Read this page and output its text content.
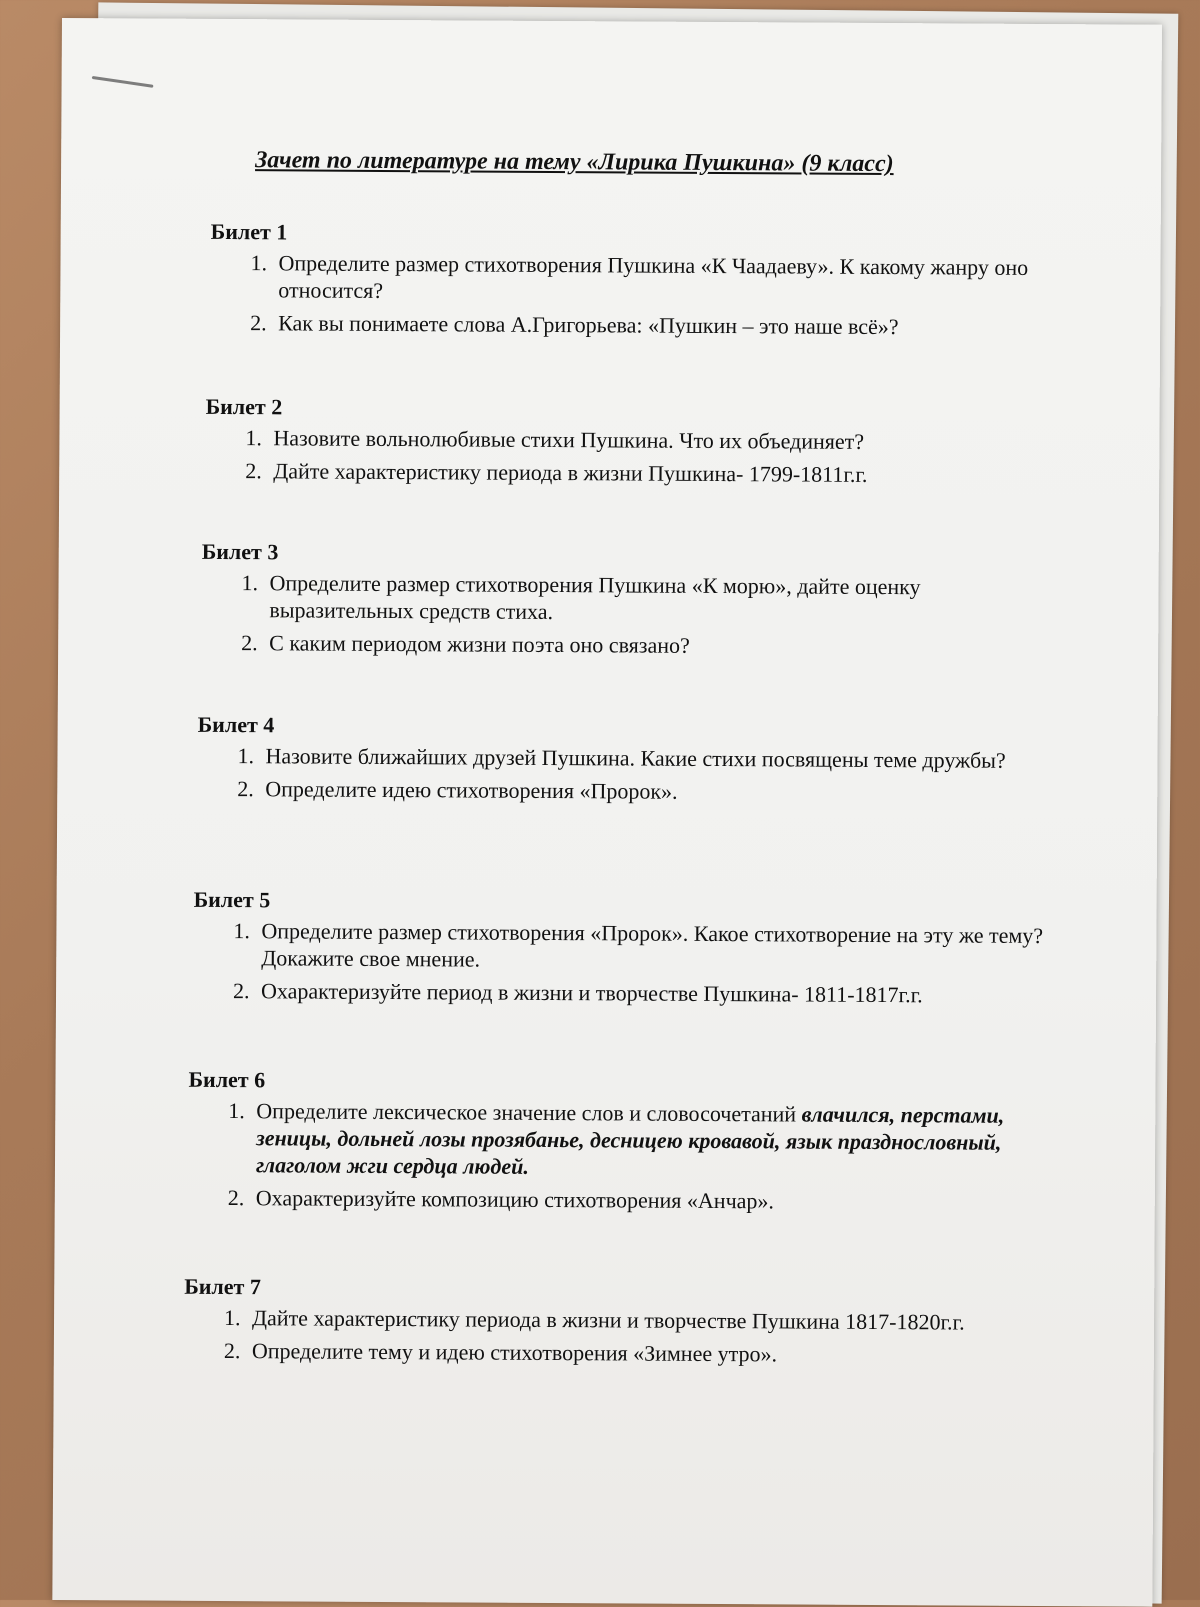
Зачет по литературе на тему «Лирика Пушкина» (9 класс)
Билет 1
1. Определите размер стихотворения Пушкина «К Чаадаеву». К какому жанру оно относится?
2. Как вы понимаете слова А.Григорьева: «Пушкин – это наше всё»?
Билет 2
1. Назовите вольнолюбивые стихи Пушкина. Что их объединяет?
2. Дайте характеристику периода в жизни Пушкина- 1799-1811г.г.
Билет 3
1. Определите размер стихотворения Пушкина «К морю», дайте оценку выразительных средств стиха.
2. С каким периодом жизни поэта оно связано?
Билет 4
1. Назовите ближайших друзей Пушкина. Какие стихи посвящены теме дружбы?
2. Определите идею стихотворения «Пророк».
Билет 5
1. Определите размер стихотворения «Пророк». Какое стихотворение на эту же тему? Докажите свое мнение.
2. Охарактеризуйте период в жизни и творчестве Пушкина- 1811-1817г.г.
Билет 6
1. Определите лексическое значение слов и словосочетаний влачился, перстами, зеницы, дольней лозы прозябанье, десницею кровавой, язык празднословный, глаголом жги сердца людей.
2. Охарактеризуйте композицию стихотворения «Анчар».
Билет 7
1. Дайте характеристику периода в жизни и творчестве Пушкина 1817-1820г.г.
2. Определите тему и идею стихотворения «Зимнее утро».
